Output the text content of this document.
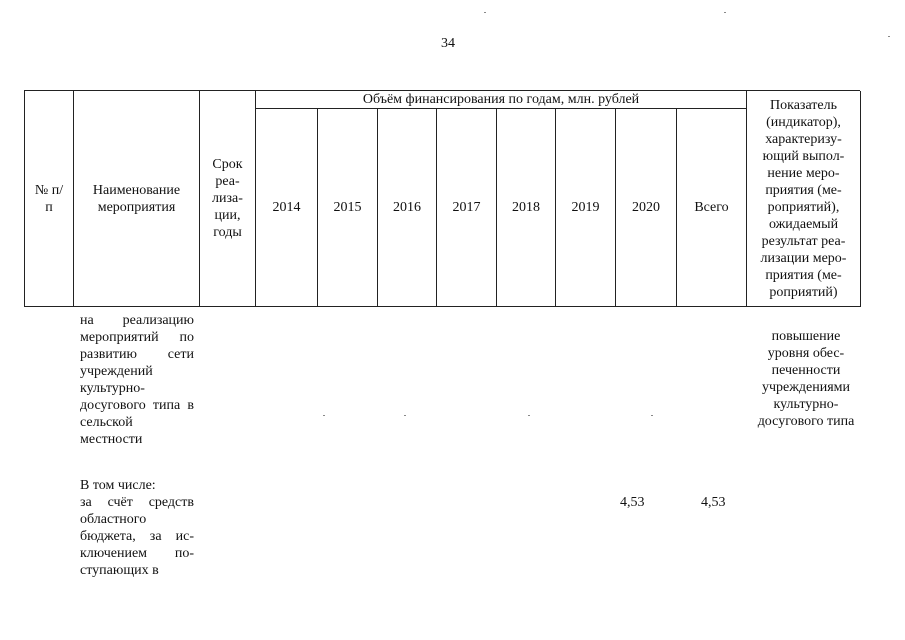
34
№ п/п
Наименование мероприятия
Срок реа-лиза-ции, годы
Объём финансирования по годам, млн. рублей
2014 2015 2016 2017 2018 2019 2020 Всего
Показатель (индикатор), характеризу-ющий выпол-нение меро-приятия (ме-роприятий), ожидаемый результат реа-лизации меро-приятия (ме-роприятий)
на реализацию мероприятий по развитию сети учреждений культурно-досугового типа в сельской местности
повышение уровня обес-печенности учреждениями культурно-досугового типа
В том числе:
за счёт средств областного бюджета, за ис-ключением по-ступающих в
4,53	4,53
